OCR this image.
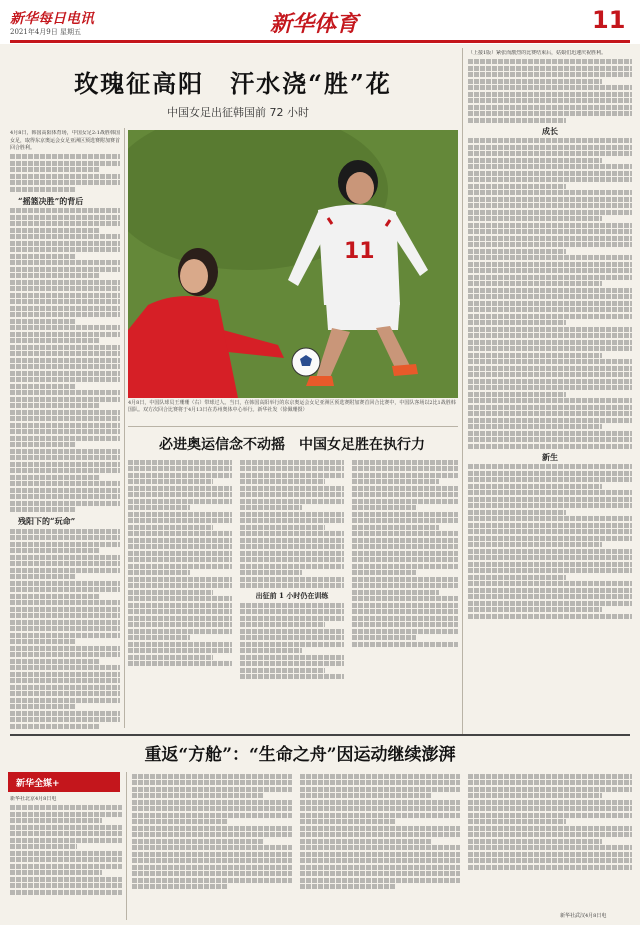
新华每日电讯
2021年4月9日 星期五	新华体育	11
玫瑰征高阳　汗水浇“胜”花
中国女足出征韩国前 72 小时
4月8日，韩国高阳体育场，中国女足2:1战胜韩国女足，取得东京奥运会女足亚洲区预选赛附加赛首回合胜利。
“摇篮决胜”的背后
残阳下的“玩命”
11
4月8日，中国队球员王珊珊（右）带球过人。当日，在韩国高阳举行的东京奥运会女足亚洲区预选赛附加赛首回合比赛中，中国队客场以2比1战胜韩国队。双方次回合比赛将于4月13日在苏州奥体中心举行。新华社发（徐佩珊摄）
（上接1版）紧张而激烈的比赛结束后，姑娘们迅速庆祝胜利。
成长
新生
必进奥运信念不动摇　中国女足胜在执行力
出征前 1 小时仍在训练
重返“方舱”：“生命之舟”因运动继续澎湃
新华全媒+
新华社北京4月8日电
新华社武汉4月8日电
